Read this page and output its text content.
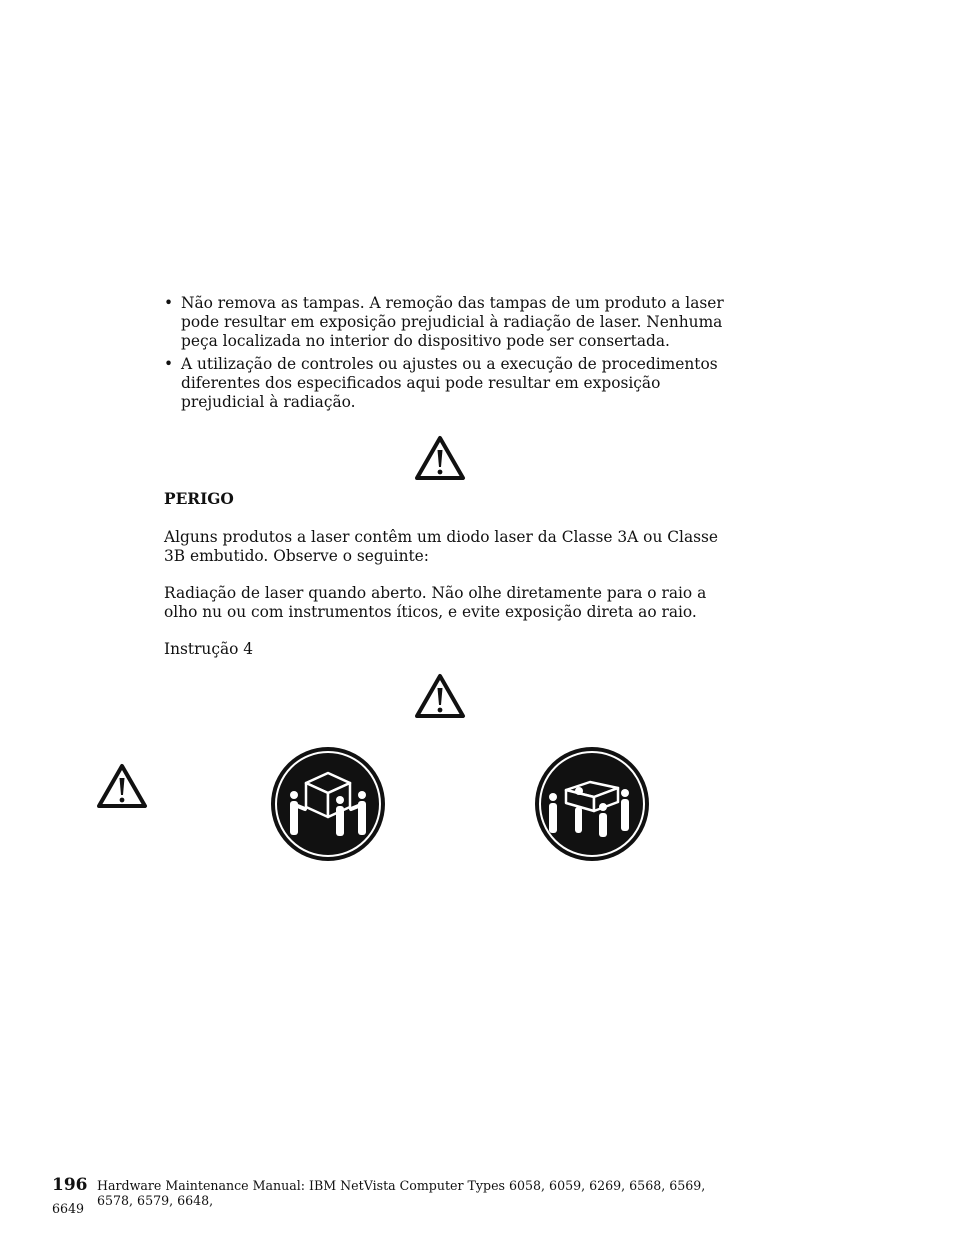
• Não remova as tampas. A remoção das tampas de um produto a laser pode resultar em exposição prejudicial à radiação de laser. Nenhuma peça localizada no interior do dispositivo pode ser consertada.
• A utilização de controles ou ajustes ou a execução de procedimentos diferentes dos especificados aqui pode resultar em exposição prejudicial à radiação.
PERIGO
Alguns produtos a laser contêm um diodo laser da Classe 3A ou Classe 3B embutido. Observe o seguinte:
Radiação de laser quando aberto. Não olhe diretamente para o raio a olho nu ou com instrumentos íticos, e evite exposição direta ao raio.
Instrução 4
196 Hardware Maintenance Manual: IBM NetVista Computer Types 6058, 6059, 6269, 6568, 6569, 6578, 6579, 6648,
6649
